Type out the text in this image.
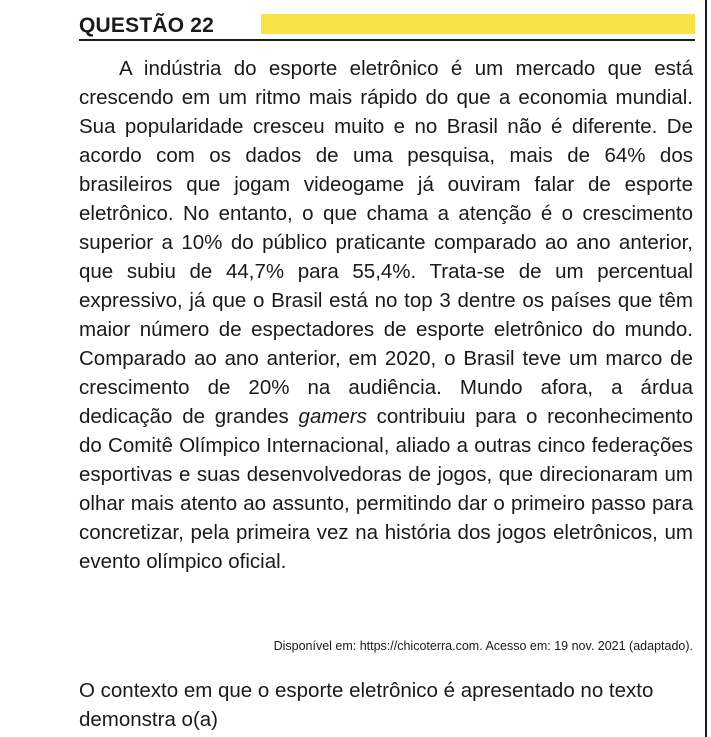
QUESTÃO 22

A indústria do esporte eletrônico é um mercado que está crescendo em um ritmo mais rápido do que a economia mundial. Sua popularidade cresceu muito e no Brasil não é diferente. De acordo com os dados de uma pesquisa, mais de 64% dos brasileiros que jogam videogame já ouviram falar de esporte eletrônico. No entanto, o que chama a atenção é o crescimento superior a 10% do público praticante comparado ao ano anterior, que subiu de 44,7% para 55,4%. Trata-se de um percentual expressivo, já que o Brasil está no top 3 dentre os países que têm maior número de espectadores de esporte eletrônico do mundo. Comparado ao ano anterior, em 2020, o Brasil teve um marco de crescimento de 20% na audiência. Mundo afora, a árdua dedicação de grandes gamers contribuiu para o reconhecimento do Comitê Olímpico Internacional, aliado a outras cinco federações esportivas e suas desenvolvedoras de jogos, que direcionaram um olhar mais atento ao assunto, permitindo dar o primeiro passo para concretizar, pela primeira vez na história dos jogos eletrônicos, um evento olímpico oficial.

Disponível em: https://chicoterra.com. Acesso em: 19 nov. 2021 (adaptado).

O contexto em que o esporte eletrônico é apresentado no texto demonstra o(a)
